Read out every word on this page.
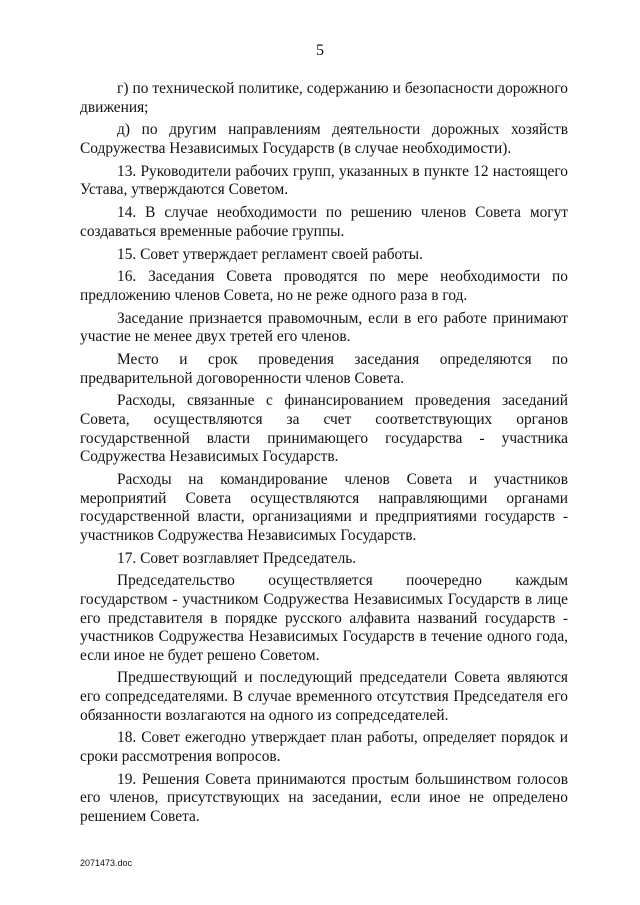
5

г) по технической политике, содержанию и безопасности дорожного движения;

д) по другим направлениям деятельности дорожных хозяйств Содружества Независимых Государств (в случае необходимости).

13. Руководители рабочих групп, указанных в пункте 12 настоящего Устава, утверждаются Советом.

14. В случае необходимости по решению членов Совета могут создаваться временные рабочие группы.

15. Совет утверждает регламент своей работы.

16. Заседания Совета проводятся по мере необходимости по предложению членов Совета, но не реже одного раза в год.

Заседание признается правомочным, если в его работе принимают участие не менее двух третей его членов.

Место и срок проведения заседания определяются по предварительной договоренности членов Совета.

Расходы, связанные с финансированием проведения заседаний Совета, осуществляются за счет соответствующих органов государственной власти принимающего государства - участника Содружества Независимых Государств.

Расходы на командирование членов Совета и участников мероприятий Совета осуществляются направляющими органами государственной власти, организациями и предприятиями государств - участников Содружества Независимых Государств.

17. Совет возглавляет Председатель.

Председательство осуществляется поочередно каждым государством - участником Содружества Независимых Государств в лице его представителя в порядке русского алфавита названий государств - участников Содружества Независимых Государств в течение одного года, если иное не будет решено Советом.

Предшествующий и последующий председатели Совета являются его сопредседателями. В случае временного отсутствия Председателя его обязанности возлагаются на одного из сопредседателей.

18. Совет ежегодно утверждает план работы, определяет порядок и сроки рассмотрения вопросов.

19. Решения Совета принимаются простым большинством голосов его членов, присутствующих на заседании, если иное не определено решением Совета.

2071473.doc
